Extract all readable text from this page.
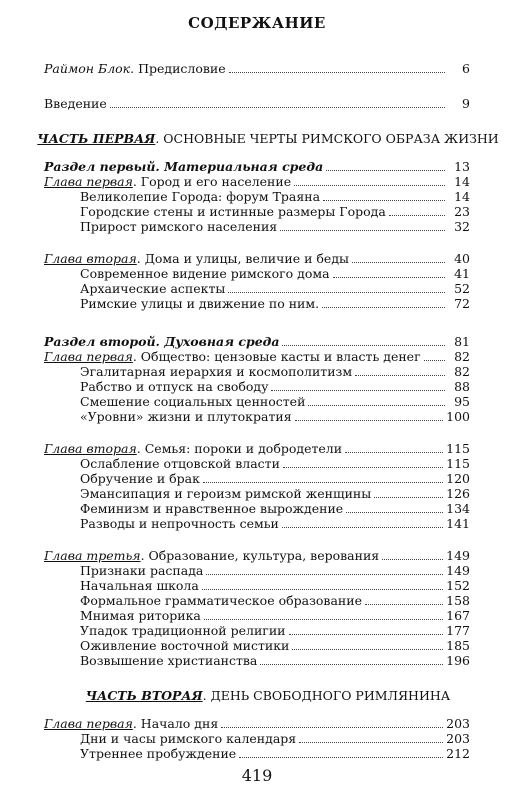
СОДЕРЖАНИЕ
Раймон Блок. Предисловие	6
Введение	9
ЧАСТЬ ПЕРВАЯ. ОСНОВНЫЕ ЧЕРТЫ РИМСКОГО ОБРАЗА ЖИЗНИ
Раздел первый. Материальная среда	13
Глава первая. Город и его население	14
Великолепие Города: форум Траяна	14
Городские стены и истинные размеры Города	23
Прирост римского населения	32
Глава вторая. Дома и улицы, величие и беды	40
Современное видение римского дома	41
Архаические аспекты	52
Римские улицы и движение по ним.	72
Раздел второй. Духовная среда	81
Глава первая. Общество: цензовые касты и власть денег	82
Эгалитарная иерархия и космополитизм	82
Рабство и отпуск на свободу	88
Смешение социальных ценностей	95
«Уровни» жизни и плутократия	100
Глава вторая. Семья: пороки и добродетели	115
Ослабление отцовской власти	115
Обручение и брак	120
Эмансипация и героизм римской женщины	126
Феминизм и нравственное вырождение	134
Разводы и непрочность семьи	141
Глава третья. Образование, культура, верования	149
Признаки распада	149
Начальная школа	152
Формальное грамматическое образование	158
Мнимая риторика	167
Упадок традиционной религии	177
Оживление восточной мистики	185
Возвышение христианства	196
ЧАСТЬ ВТОРАЯ. ДЕНЬ СВОБОДНОГО РИМЛЯНИНА
Глава первая. Начало дня	203
Дни и часы римского календаря	203
Утреннее пробуждение	212
419
